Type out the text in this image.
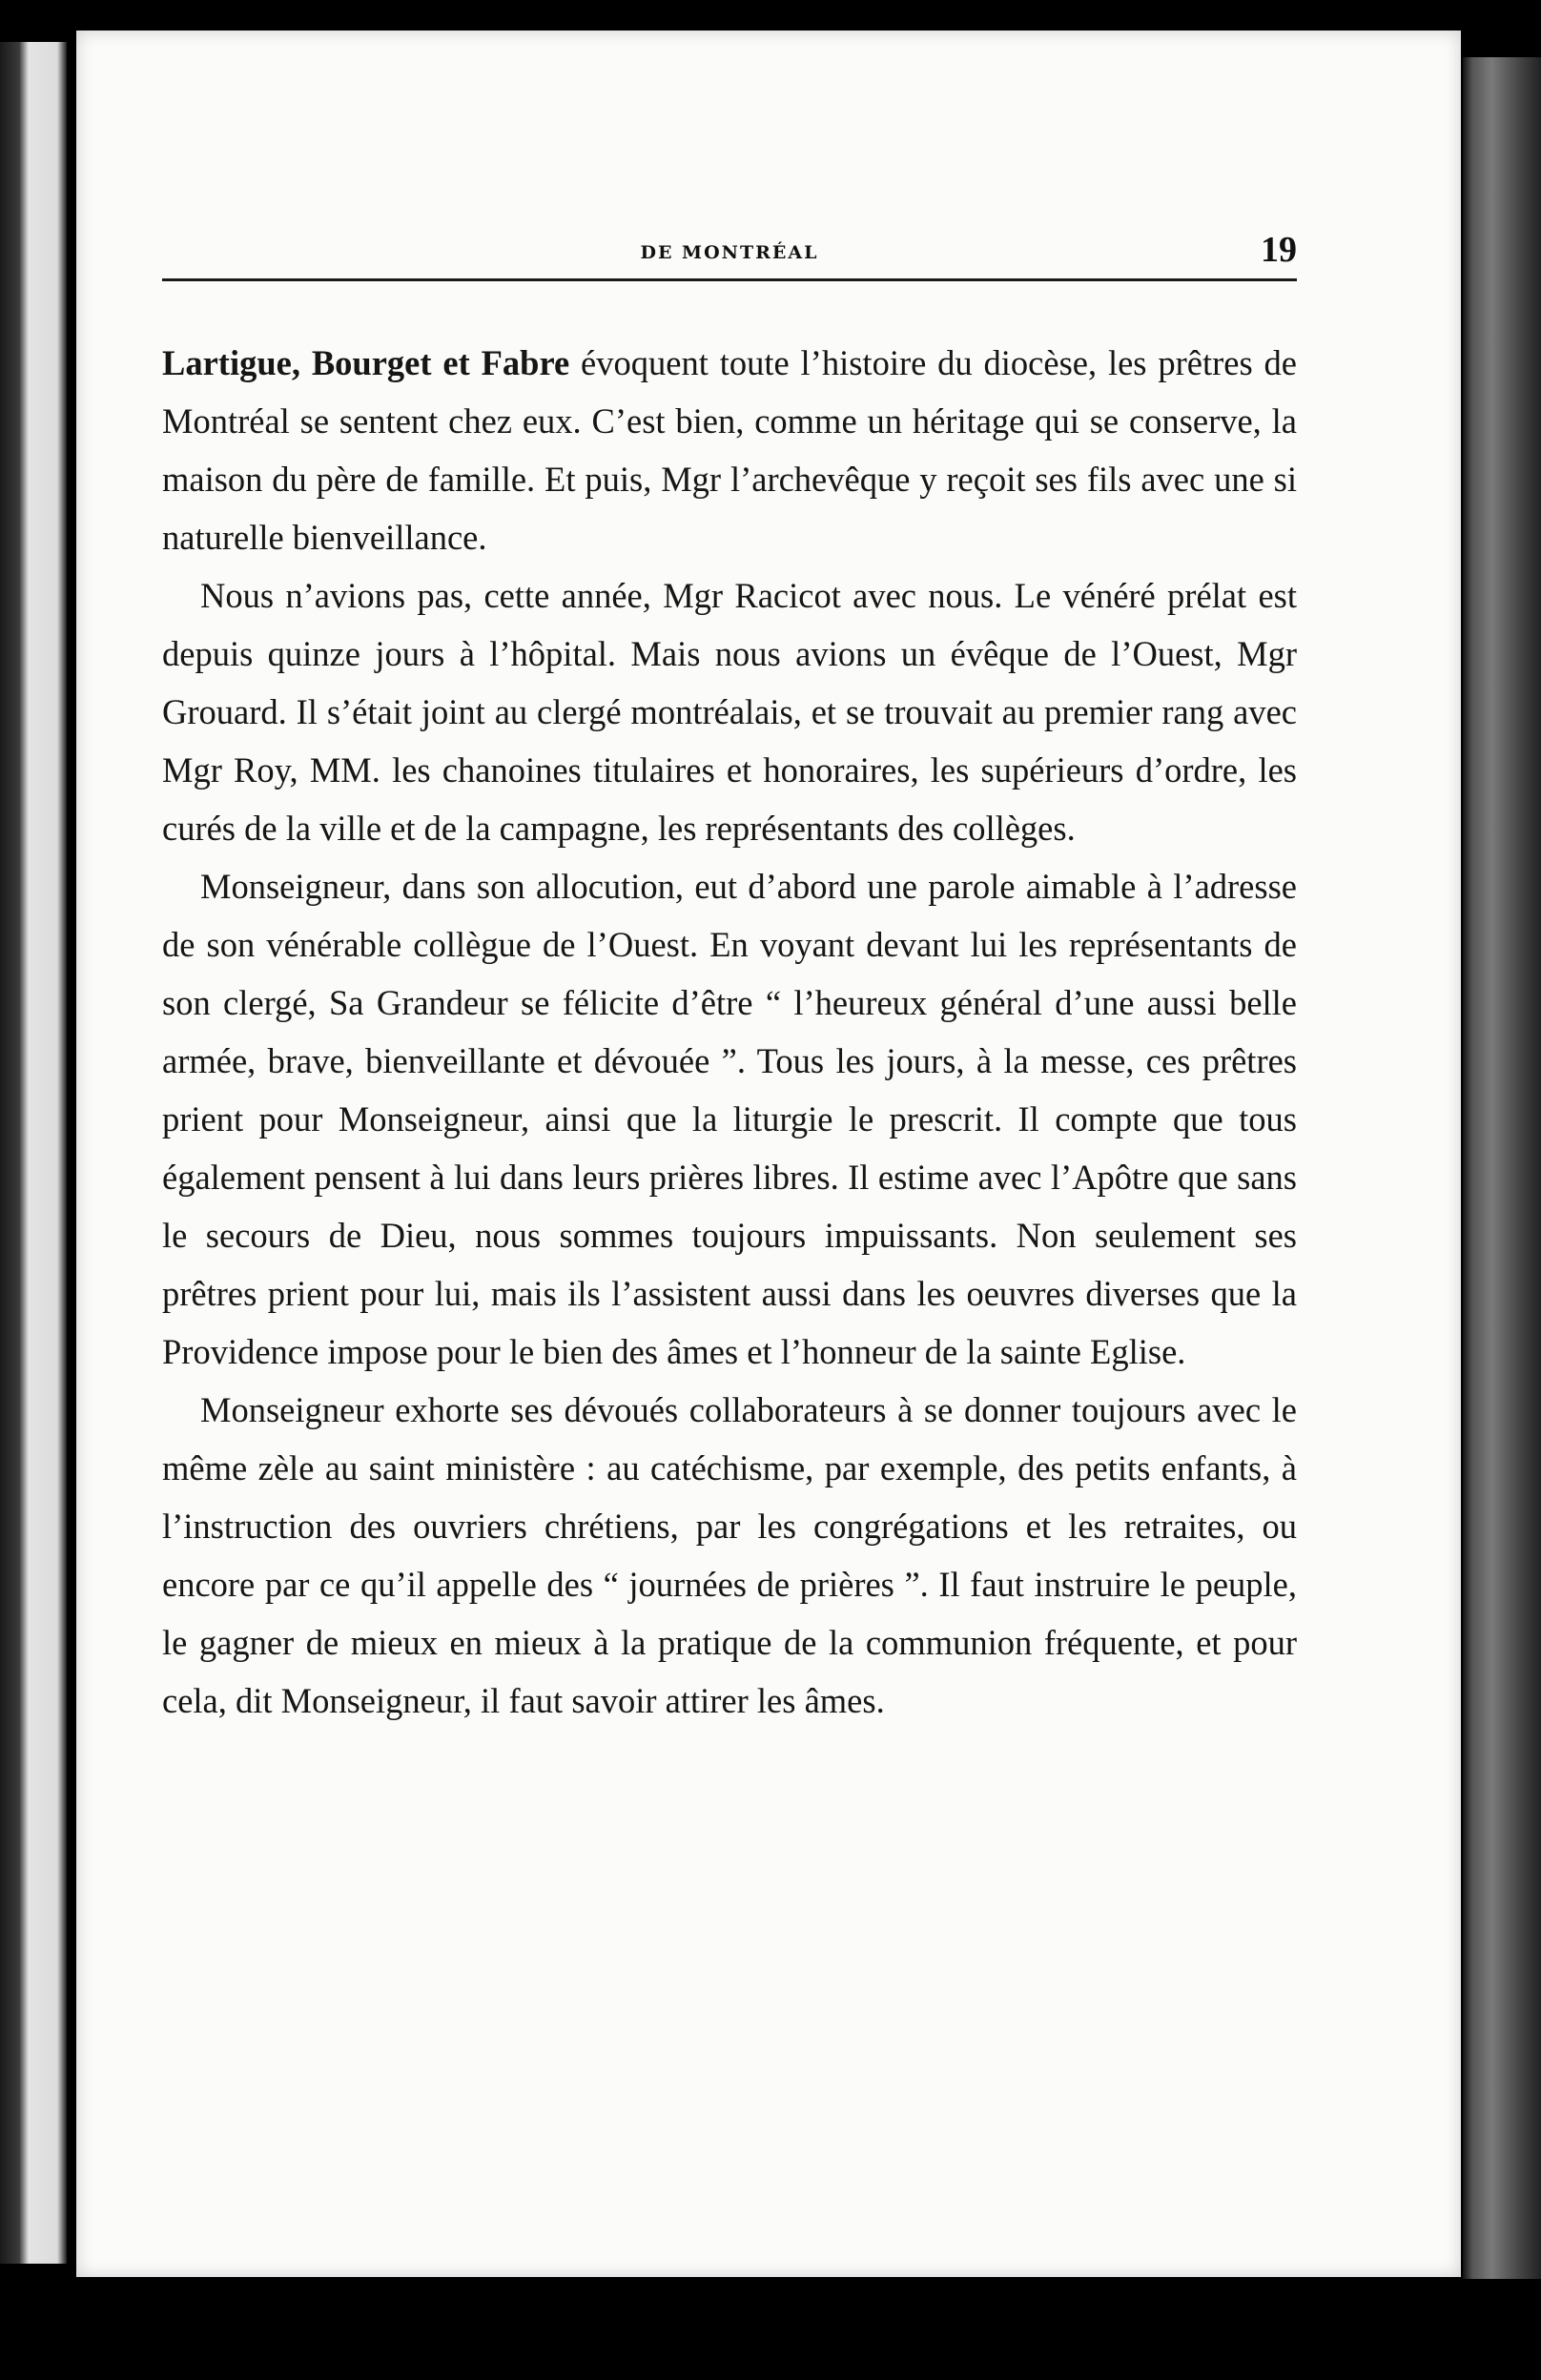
DE MONTRÉAL	19

Lartigue, Bourget et Fabre évoquent toute l’histoire du diocèse, les prêtres de Montréal se sentent chez eux. C’est bien, comme un héritage qui se conserve, la maison du père de famille. Et puis, Mgr l’archevêque y reçoit ses fils avec une si naturelle bienveillance.

Nous n’avions pas, cette année, Mgr Racicot avec nous. Le vénéré prélat est depuis quinze jours à l’hôpital. Mais nous avions un évêque de l’Ouest, Mgr Grouard. Il s’était joint au clergé montréalais, et se trouvait au premier rang avec Mgr Roy, MM. les chanoines titulaires et honoraires, les supérieurs d’ordre, les curés de la ville et de la campagne, les représentants des collèges.

Monseigneur, dans son allocution, eut d’abord une parole aimable à l’adresse de son vénérable collègue de l’Ouest. En voyant devant lui les représentants de son clergé, Sa Grandeur se félicite d’être “ l’heureux général d’une aussi belle armée, brave, bienveillante et dévouée ”. Tous les jours, à la messe, ces prêtres prient pour Monseigneur, ainsi que la liturgie le prescrit. Il compte que tous également pensent à lui dans leurs prières libres. Il estime avec l’Apôtre que sans le secours de Dieu, nous sommes toujours impuissants. Non seulement ses prêtres prient pour lui, mais ils l’assistent aussi dans les oeuvres diverses que la Providence impose pour le bien des âmes et l’honneur de la sainte Eglise.

Monseigneur exhorte ses dévoués collaborateurs à se donner toujours avec le même zèle au saint ministère : au catéchisme, par exemple, des petits enfants, à l’instruction des ouvriers chrétiens, par les congrégations et les retraites, ou encore par ce qu’il appelle des “ journées de prières ”. Il faut instruire le peuple, le gagner de mieux en mieux à la pratique de la communion fréquente, et pour cela, dit Monseigneur, il faut savoir attirer les âmes.
